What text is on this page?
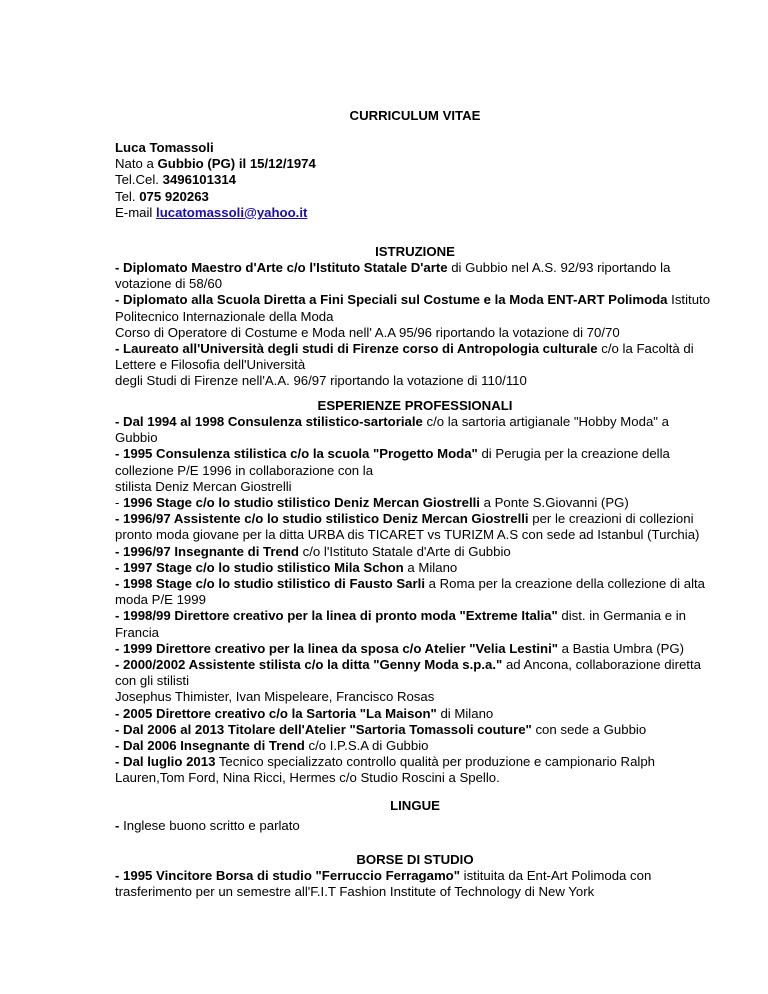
CURRICULUM VITAE

Luca Tomassoli

Nato a Gubbio (PG) il 15/12/1974

Tel.Cel. 3496101314

Tel. 075 920263

E-mail lucatomassoli@yahoo.it

ISTRUZIONE

- Diplomato Maestro d'Arte c/o l'Istituto Statale D'arte di Gubbio nel A.S. 92/93 riportando la votazione di 58/60

- Diplomato alla Scuola Diretta a Fini Speciali sul Costume e la Moda ENT-ART Polimoda Istituto Politecnico Internazionale della Moda

Corso di Operatore di Costume e Moda nell' A.A 95/96 riportando la votazione di 70/70

- Laureato all'Università degli studi di Firenze corso di Antropologia culturale c/o la Facoltà di Lettere e Filosofia dell'Università

degli Studi di Firenze nell'A.A. 96/97 riportando la votazione di 110/110

ESPERIENZE PROFESSIONALI

- Dal 1994 al 1998 Consulenza stilistico-sartoriale c/o la sartoria artigianale "Hobby Moda" a Gubbio

- 1995 Consulenza stilistica c/o la scuola "Progetto Moda" di Perugia per la creazione della collezione P/E 1996 in collaborazione con la

stilista Deniz Mercan Giostrelli

- 1996 Stage c/o lo studio stilistico Deniz Mercan Giostrelli a Ponte S.Giovanni (PG)

- 1996/97 Assistente c/o lo studio stilistico Deniz Mercan Giostrelli per le creazioni di collezioni pronto moda giovane per la ditta URBA dis TICARET vs TURIZM A.S con sede ad Istanbul (Turchia)

- 1996/97 Insegnante di Trend c/o l'Istituto Statale d'Arte di Gubbio

- 1997 Stage c/o lo studio stilistico Mila Schon a Milano

- 1998 Stage c/o lo studio stilistico di Fausto Sarli a Roma per la creazione della collezione di alta moda P/E 1999

- 1998/99 Direttore creativo per la linea di pronto moda "Extreme Italia" dist. in Germania e in Francia

- 1999 Direttore creativo per la linea da sposa c/o Atelier "Velia Lestini" a Bastia Umbra (PG)

- 2000/2002 Assistente stilista c/o la ditta "Genny Moda s.p.a." ad Ancona, collaborazione diretta con gli stilisti

Josephus Thimister, Ivan Mispeleare, Francisco Rosas

- 2005 Direttore creativo c/o la Sartoria "La Maison" di Milano

- Dal 2006 al 2013 Titolare dell'Atelier "Sartoria Tomassoli couture" con sede a Gubbio

- Dal 2006 Insegnante di Trend c/o I.P.S.A di Gubbio

- Dal luglio 2013 Tecnico specializzato controllo qualità per produzione e campionario Ralph Lauren,Tom Ford, Nina Ricci, Hermes c/o Studio Roscini a Spello.

LINGUE

- Inglese buono scritto e parlato

BORSE DI STUDIO

- 1995 Vincitore Borsa di studio "Ferruccio Ferragamo" istituita da Ent-Art Polimoda con trasferimento per un semestre all'F.I.T Fashion Institute of Technology di New York
